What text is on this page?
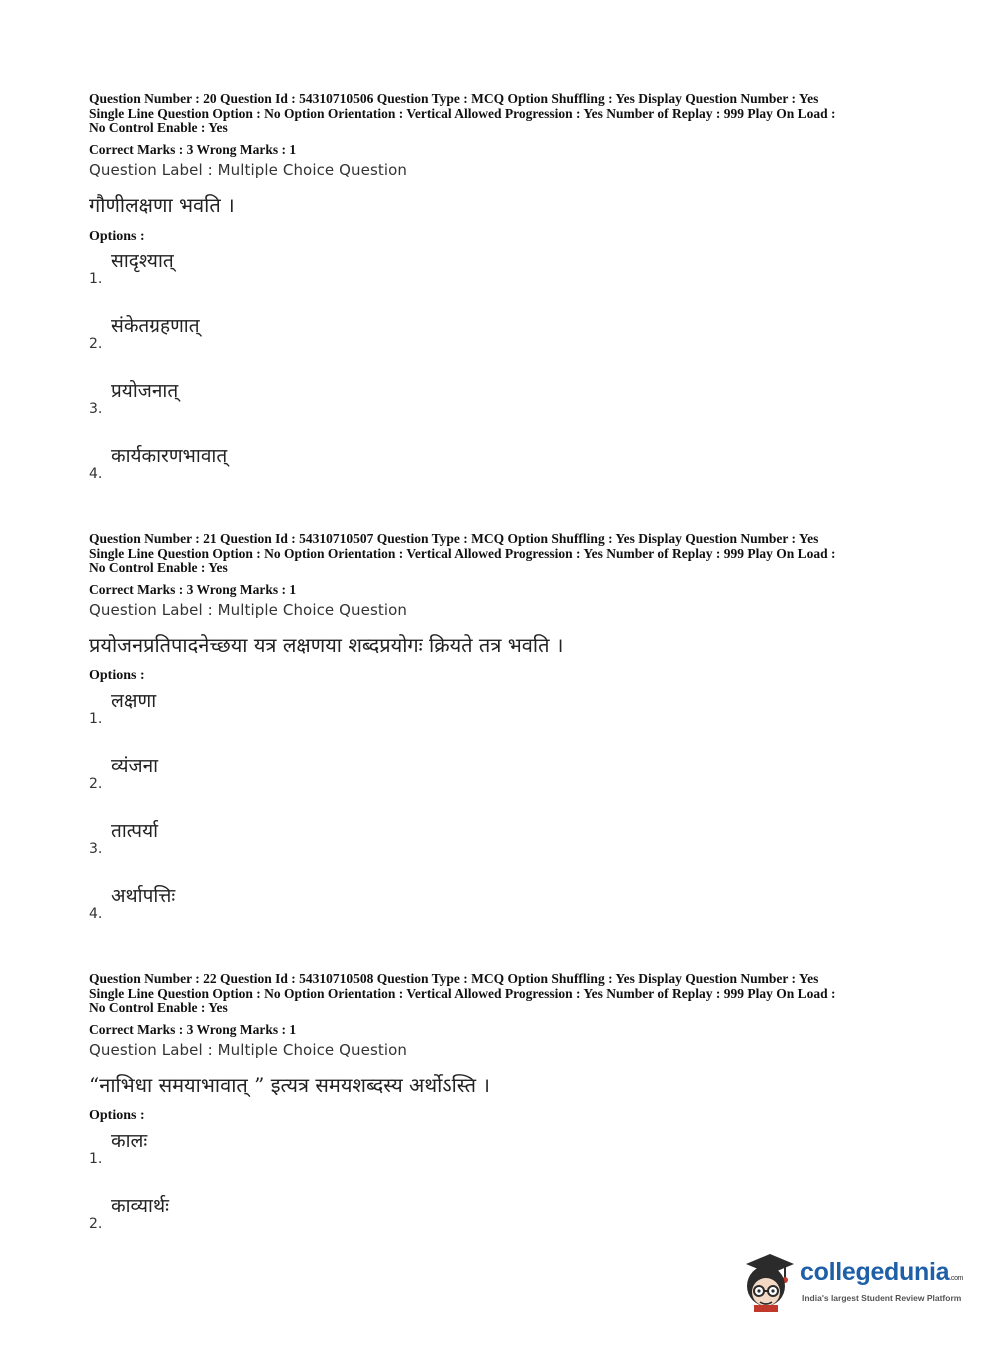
Question Number : 20 Question Id : 54310710506 Question Type : MCQ Option Shuffling : Yes Display Question Number : Yes
Single Line Question Option : No Option Orientation : Vertical Allowed Progression : Yes Number of Replay : 999 Play On Load :
No Control Enable : Yes
Correct Marks : 3 Wrong Marks : 1
Question Label : Multiple Choice Question
गौणीलक्षणा भवति ।
Options :
1.
सादृश्यात्
2.
संकेतग्रहणात्
3.
प्रयोजनात्
4.
कार्यकारणभावात्
Question Number : 21 Question Id : 54310710507 Question Type : MCQ Option Shuffling : Yes Display Question Number : Yes
Single Line Question Option : No Option Orientation : Vertical Allowed Progression : Yes Number of Replay : 999 Play On Load :
No Control Enable : Yes
Correct Marks : 3 Wrong Marks : 1
Question Label : Multiple Choice Question
प्रयोजनप्रतिपादनेच्छया यत्र लक्षणया शब्दप्रयोगः क्रियते तत्र भवति ।
Options :
1.
लक्षणा
2.
व्यंजना
3.
तात्पर्या
4.
अर्थापत्तिः
Question Number : 22 Question Id : 54310710508 Question Type : MCQ Option Shuffling : Yes Display Question Number : Yes
Single Line Question Option : No Option Orientation : Vertical Allowed Progression : Yes Number of Replay : 999 Play On Load :
No Control Enable : Yes
Correct Marks : 3 Wrong Marks : 1
Question Label : Multiple Choice Question
“नाभिधा समयाभावात् ” इत्यत्र समयशब्दस्य अर्थोऽस्ति ।
Options :
1.
कालः
2.
काव्यार्थः
collegedunia.com
India's largest Student Review Platform
